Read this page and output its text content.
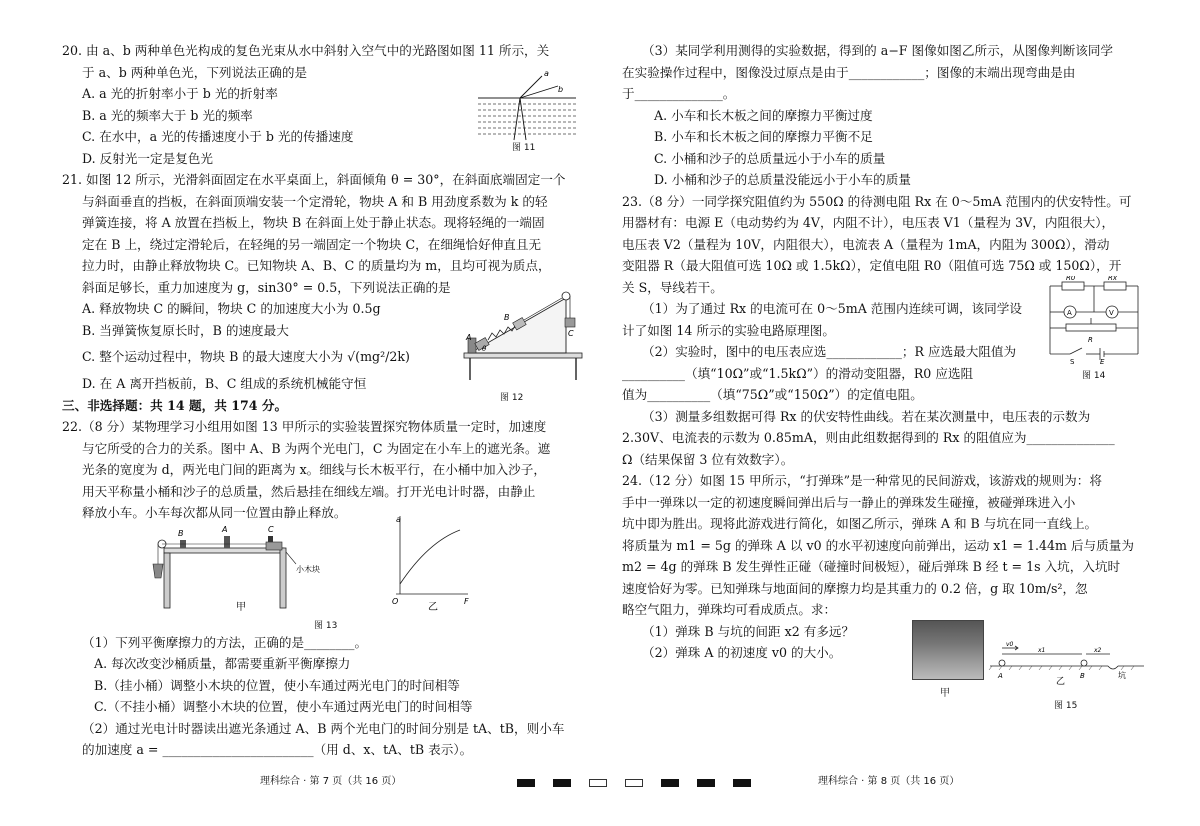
20. 由 a、b 两种单色光构成的复色光束从水中斜射入空气中的光路图如图 11 所示，关

于 a、b 两种单色光，下列说法正确的是

A. a 光的折射率小于 b 光的折射率

B. a 光的频率大于 b 光的频率

C. 在水中，a 光的传播速度小于 b 光的传播速度

D. 反射光一定是复色光

21. 如图 12 所示，光滑斜面固定在水平桌面上，斜面倾角 θ = 30°，在斜面底端固定一个

与斜面垂直的挡板，在斜面顶端安装一个定滑轮，物块 A 和 B 用劲度系数为 k 的轻

弹簧连接，将 A 放置在挡板上，物块 B 在斜面上处于静止状态。现将轻绳的一端固

定在 B 上，绕过定滑轮后，在轻绳的另一端固定一个物块 C，在细绳恰好伸直且无

拉力时，由静止释放物块 C。已知物块 A、B、C 的质量均为 m，且均可视为质点，

斜面足够长，重力加速度为 g，sin30° = 0.5，下列说法正确的是

A. 释放物块 C 的瞬间，物块 C 的加速度大小为 0.5g

B. 当弹簧恢复原长时，B 的速度最大

C. 整个运动过程中，物块 B 的最大速度大小为 √(mg²/2k)

D. 在 A 离开挡板前，B、C 组成的系统机械能守恒

三、非选择题：共 14 题，共 174 分。

22.（8 分）某物理学习小组用如图 13 甲所示的实验装置探究物体质量一定时，加速度

与它所受的合力的关系。图中 A、B 为两个光电门，C 为固定在小车上的遮光条。遮

光条的宽度为 d，两光电门间的距离为 x。细线与长木板平行，在小桶中加入沙子，

用天平称量小桶和沙子的总质量，然后悬挂在细线左端。打开光电计时器，由静止

释放小车。小车每次都从同一位置由静止释放。

（1）下列平衡摩擦力的方法，正确的是________。

A. 每次改变沙桶质量，都需要重新平衡摩擦力

B.（挂小桶）调整小木块的位置，使小车通过两光电门的时间相等

C.（不挂小桶）调整小木块的位置，使小车通过两光电门的时间相等

（2）通过光电计时器读出遮光条通过 A、B 两个光电门的时间分别是 tA、tB，则小车

的加速度 a = ________________________（用 d、x、tA、tB 表示）。

a
b
图 11
A
B
C
θ
图 12
B	A	C
小木块
甲
a
F
O
乙
图 13

（3）某同学利用测得的实验数据，得到的 a−F 图像如图乙所示，从图像判断该同学

在实验操作过程中，图像没过原点是由于____________；图像的末端出现弯曲是由

于______________。

A. 小车和长木板之间的摩擦力平衡过度

B. 小车和长木板之间的摩擦力平衡不足

C. 小桶和沙子的总质量远小于小车的质量

D. 小桶和沙子的总质量没能远小于小车的质量

23.（8 分）一同学探究阻值约为 550Ω 的待测电阻 Rx 在 0～5mA 范围内的伏安特性。可

用器材有：电源 E（电动势约为 4V，内阻不计），电压表 V1（量程为 3V，内阻很大），

电压表 V2（量程为 10V，内阻很大），电流表 A（量程为 1mA，内阻为 300Ω），滑动

变阻器 R（最大阻值可选 10Ω 或 1.5kΩ），定值电阻 R0（阻值可选 75Ω 或 150Ω），开

关 S，导线若干。

（1）为了通过 Rx 的电流可在 0～5mA 范围内连续可调，该同学设

计了如图 14 所示的实验电路原理图。

（2）实验时，图中的电压表应选____________；R 应选最大阻值为

__________（填“10Ω”或“1.5kΩ”）的滑动变阻器，R0 应选阻

值为__________（填“75Ω”或“150Ω”）的定值电阻。

（3）测量多组数据可得 Rx 的伏安特性曲线。若在某次测量中，电压表的示数为

2.30V、电流表的示数为 0.85mA，则由此组数据得到的 Rx 的阻值应为______________

Ω（结果保留 3 位有效数字）。

24.（12 分）如图 15 甲所示，“打弹珠”是一种常见的民间游戏，该游戏的规则为：将

手中一弹珠以一定的初速度瞬间弹出后与一静止的弹珠发生碰撞，被碰弹珠进入小

坑中即为胜出。现将此游戏进行简化，如图乙所示，弹珠 A 和 B 与坑在同一直线上。

将质量为 m1 = 5g 的弹珠 A 以 v0 的水平初速度向前弹出，运动 x1 = 1.44m 后与质量为

m2 = 4g 的弹珠 B 发生弹性正碰（碰撞时间极短），碰后弹珠 B 经 t = 1s 入坑，入坑时

速度恰好为零。已知弹珠与地面间的摩擦力均是其重力的 0.2 倍，g 取 10m/s²，忽

略空气阻力，弹珠均可看成质点。求：

（1）弹珠 B 与坑的间距 x2 有多远？

（2）弹珠 A 的初速度 v0 的大小。

R0	Rx
A	V
R
S	E
图 14
v0
x1	x2
A	B	坑
乙
甲
图 15
理科综合 · 第 7 页（共 16 页）	理科综合 · 第 8 页（共 16 页）
